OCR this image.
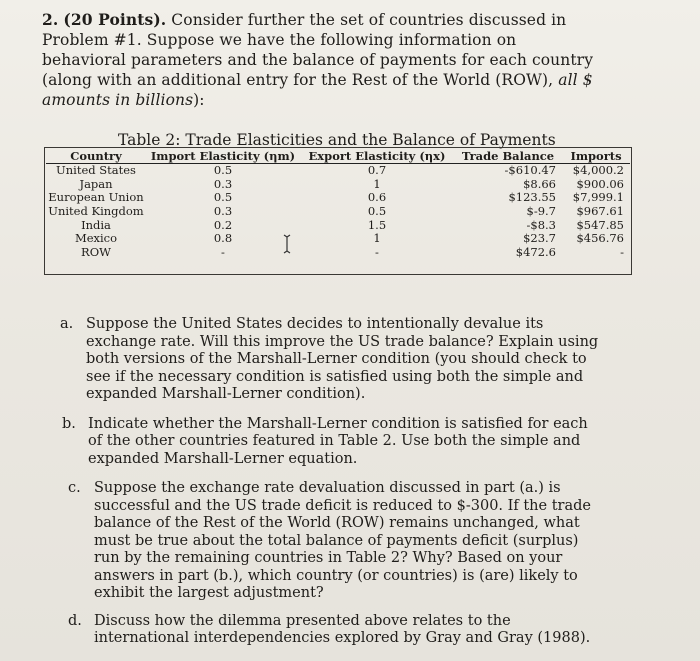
2. (20 Points). Consider further the set of countries discussed in Problem #1. Suppose we have the following information on behavioral parameters and the balance of payments for each country (along with an additional entry for the Rest of the World (ROW), all $ amounts in billions):

Table 2: Trade Elasticities and the Balance of Payments
Country	Import Elasticity (ηm)	Export Elasticity (ηx)	Trade Balance	Imports
United States	0.5	0.7	-$610.47	$4,000.2
Japan	0.3	1	$8.66	$900.06
European Union	0.5	0.6	$123.55	$7,999.1
United Kingdom	0.3	0.5	$-9.7	$967.61
India	0.2	1.5	-$8.3	$547.85
Mexico	0.8	1	$23.7	$456.76
ROW	-	-	$472.6	-

a. Suppose the United States decides to intentionally devalue its exchange rate. Will this improve the US trade balance? Explain using both versions of the Marshall-Lerner condition (you should check to see if the necessary condition is satisfied using both the simple and expanded Marshall-Lerner condition).

b. Indicate whether the Marshall-Lerner condition is satisfied for each of the other countries featured in Table 2. Use both the simple and expanded Marshall-Lerner equation.

c. Suppose the exchange rate devaluation discussed in part (a.) is successful and the US trade deficit is reduced to $-300. If the trade balance of the Rest of the World (ROW) remains unchanged, what must be true about the total balance of payments deficit (surplus) run by the remaining countries in Table 2? Why? Based on your answers in part (b.), which country (or countries) is (are) likely to exhibit the largest adjustment?

d. Discuss how the dilemma presented above relates to the international interdependencies explored by Gray and Gray (1988).
